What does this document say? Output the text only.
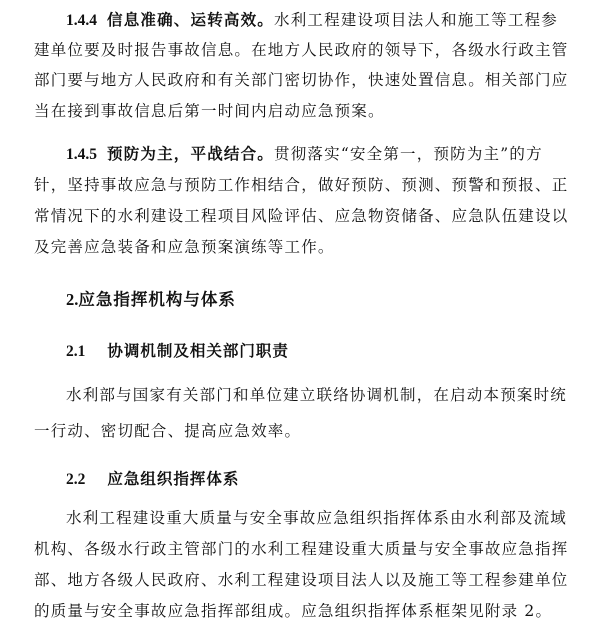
1.4.4 信息准确、运转高效。水利工程建设项目法人和施工等工程参
建单位要及时报告事故信息。在地方人民政府的领导下，各级水行政主管
部门要与地方人民政府和有关部门密切协作，快速处置信息。相关部门应
当在接到事故信息后第一时间内启动应急预案。
1.4.5 预防为主，平战结合。贯彻落实“安全第一，预防为主”的方
针，坚持事故应急与预防工作相结合，做好预防、预测、预警和预报、正
常情况下的水利建设工程项目风险评估、应急物资储备、应急队伍建设以
及完善应急装备和应急预案演练等工作。
2.应急指挥机构与体系
2.1 协调机制及相关部门职责
水利部与国家有关部门和单位建立联络协调机制，在启动本预案时统
一行动、密切配合、提高应急效率。
2.2 应急组织指挥体系
水利工程建设重大质量与安全事故应急组织指挥体系由水利部及流域
机构、各级水行政主管部门的水利工程建设重大质量与安全事故应急指挥
部、地方各级人民政府、水利工程建设项目法人以及施工等工程参建单位
的质量与安全事故应急指挥部组成。应急组织指挥体系框架见附录 2。
